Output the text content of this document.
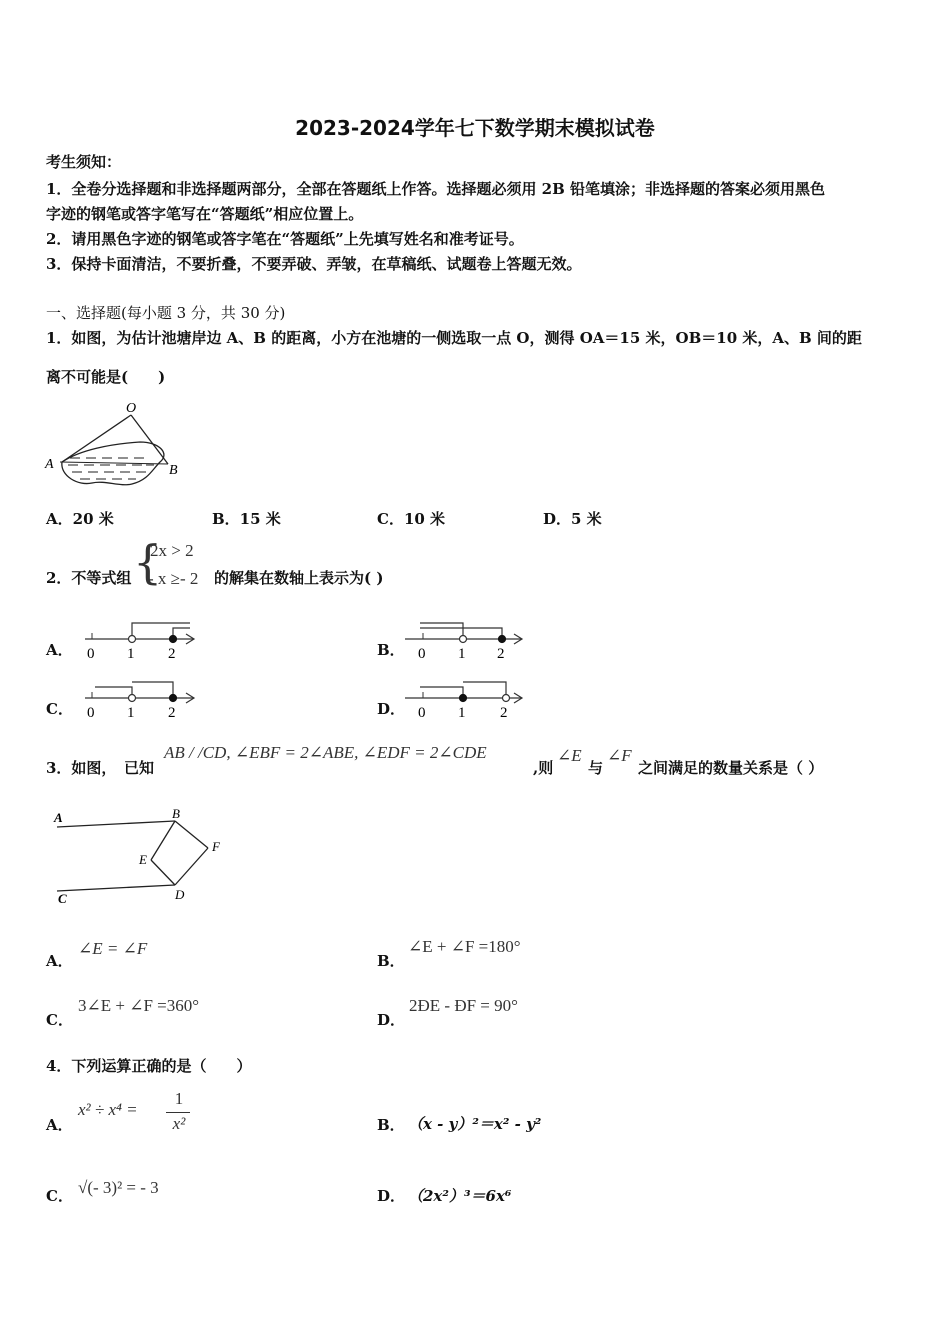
2023-2024学年七下数学期末模拟试卷
考生须知：
1．全卷分选择题和非选择题两部分，全部在答题纸上作答。选择题必须用 2B 铅笔填涂；非选择题的答案必须用黑色
字迹的钢笔或答字笔写在“答题纸”相应位置上。
2．请用黑色字迹的钢笔或答字笔在“答题纸”上先填写姓名和准考证号。
3．保持卡面清洁，不要折叠，不要弄破、弄皱，在草稿纸、试题卷上答题无效。
一、选择题(每小题 3 分，共 30 分)
1．如图，为估计池塘岸边 A、B 的距离，小方在池塘的一侧选取一点 O，测得 OA＝15 米，OB＝10 米，A、B 间的距
离不可能是(　　)
O
A	B
A．20 米	B．15 米	C．10 米	D．5 米
2．不等式组 {
2x > 2
- x ≥- 2 的解集在数轴上表示为( )
A． 0 1 2	B． 0 1 2
C． 0 1 2	D． 0 1 2
3．如图，　已知
AB / /CD, ∠EBF = 2∠ABE, ∠EDF = 2∠CDE
,则
∠E
与
∠F
之间满足的数量关系是（ ）
A	B
C	D
E
F
A．
∠E = ∠F
B．
∠E + ∠F =180°
C．
3∠E + ∠F =360°
D．
2ÐE - ÐF = 90°
4．下列运算正确的是（　　）
A．
x² ÷ x⁴ =
1
x²	B． （x - y）²＝x² - y²
C． √(- 3)² = - 3	D． （2x²）³＝6x⁶
